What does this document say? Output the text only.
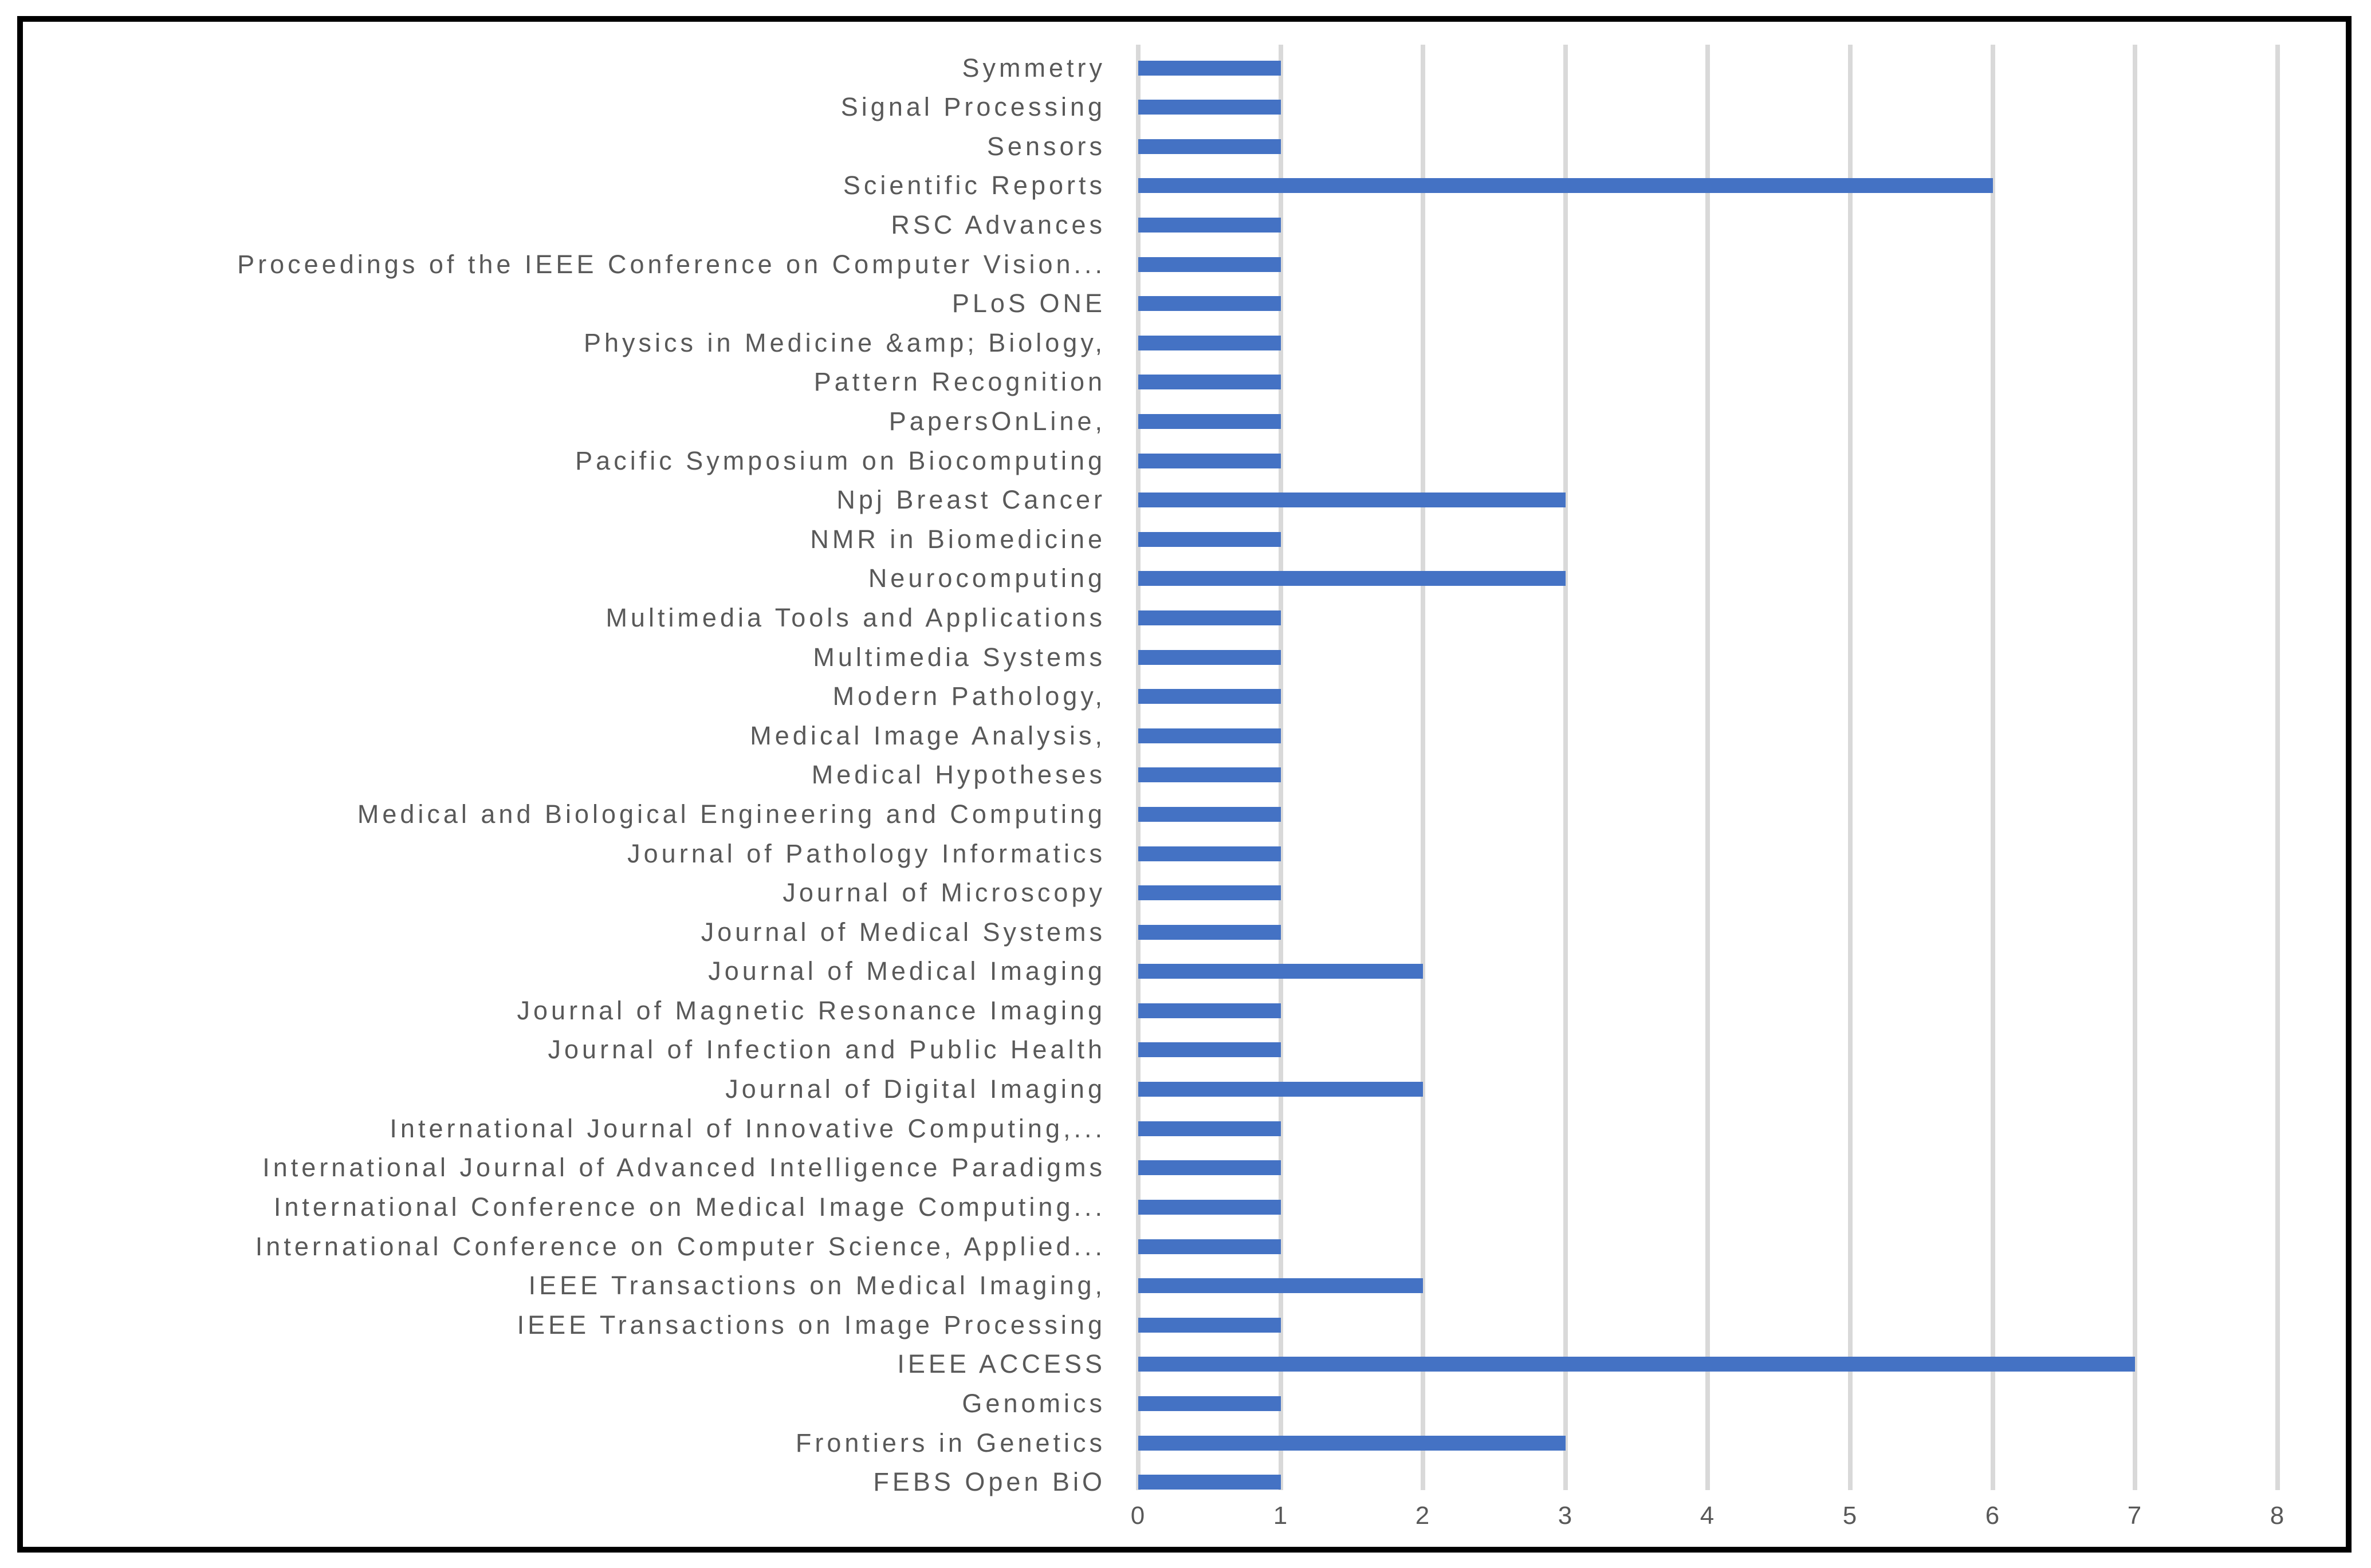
0	1	2	3	4	5	6	7	8
Symmetry
Signal Processing
Sensors
Scientific Reports
RSC Advances
Proceedings of the IEEE Conference on Computer Vision...
PLoS ONE
Physics in Medicine &amp; Biology,
Pattern Recognition
PapersOnLine,
Pacific Symposium on Biocomputing
Npj Breast Cancer
NMR in Biomedicine
Neurocomputing
Multimedia Tools and Applications
Multimedia Systems
Modern Pathology,
Medical Image Analysis,
Medical Hypotheses
Medical and Biological Engineering and Computing
Journal of Pathology Informatics
Journal of Microscopy
Journal of Medical Systems
Journal of Medical Imaging
Journal of Magnetic Resonance Imaging
Journal of Infection and Public Health
Journal of Digital Imaging
International Journal of Innovative Computing,...
International Journal of Advanced Intelligence Paradigms
International Conference on Medical Image Computing...
International Conference on Computer Science, Applied...
IEEE Transactions on Medical Imaging,
IEEE Transactions on Image Processing
IEEE ACCESS
Genomics
Frontiers in Genetics
FEBS Open BiO
